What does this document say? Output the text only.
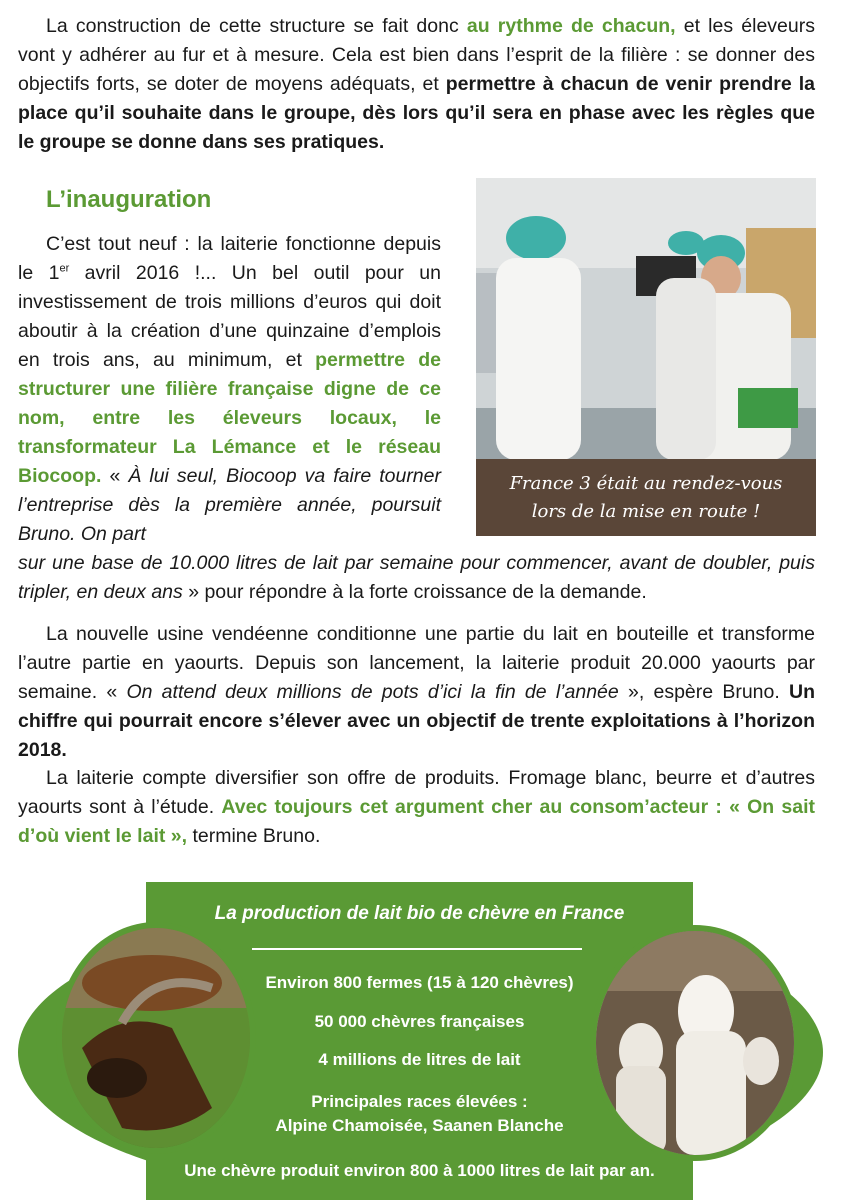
La construction de cette structure se fait donc au rythme de chacun, et les éleveurs vont y adhérer au fur et à mesure. Cela est bien dans l’esprit de la filière : se donner des objectifs forts, se doter de moyens adéquats, et permettre à chacun de venir prendre la place qu’il souhaite dans le groupe, dès lors qu’il sera en phase avec les règles que le groupe se donne dans ses pratiques.

L’inauguration

C’est tout neuf : la laiterie fonctionne depuis le 1er avril 2016 !... Un bel outil pour un investissement de trois millions d’euros qui doit aboutir à la création d’une quinzaine d’emplois en trois ans, au minimum, et permettre de structurer une filière française digne de ce nom, entre les éleveurs locaux, le transformateur La Lémance et le réseau Biocoop. « À lui seul, Biocoop va faire tourner l’entreprise dès la première année, poursuit Bruno. On part

sur une base de 10.000 litres de lait par semaine pour commencer, avant de doubler, puis tripler, en deux ans » pour répondre à la forte croissance de la demande.

La nouvelle usine vendéenne conditionne une partie du lait en bouteille et transforme l’autre partie en yaourts. Depuis son lancement, la laiterie produit 20.000 yaourts par semaine. « On attend deux millions de pots d’ici la fin de l’année », espère Bruno. Un chiffre qui pourrait encore s’élever avec un objectif de trente exploitations à l’horizon 2018.

La laiterie compte diversifier son offre de produits. Fromage blanc, beurre et d’autres yaourts sont à l’étude. Avec toujours cet argument cher au consom’acteur : « On sait d’où vient le lait », termine Bruno.

France 3 était au rendez-vous
lors de la mise en route !
La production de lait bio de chèvre en France
Environ 800 fermes (15 à 120 chèvres)
50 000 chèvres françaises
4 millions de litres de lait
Principales races élevées :
Alpine Chamoisée, Saanen Blanche
Une chèvre produit environ 800 à 1000 litres de lait par an.
